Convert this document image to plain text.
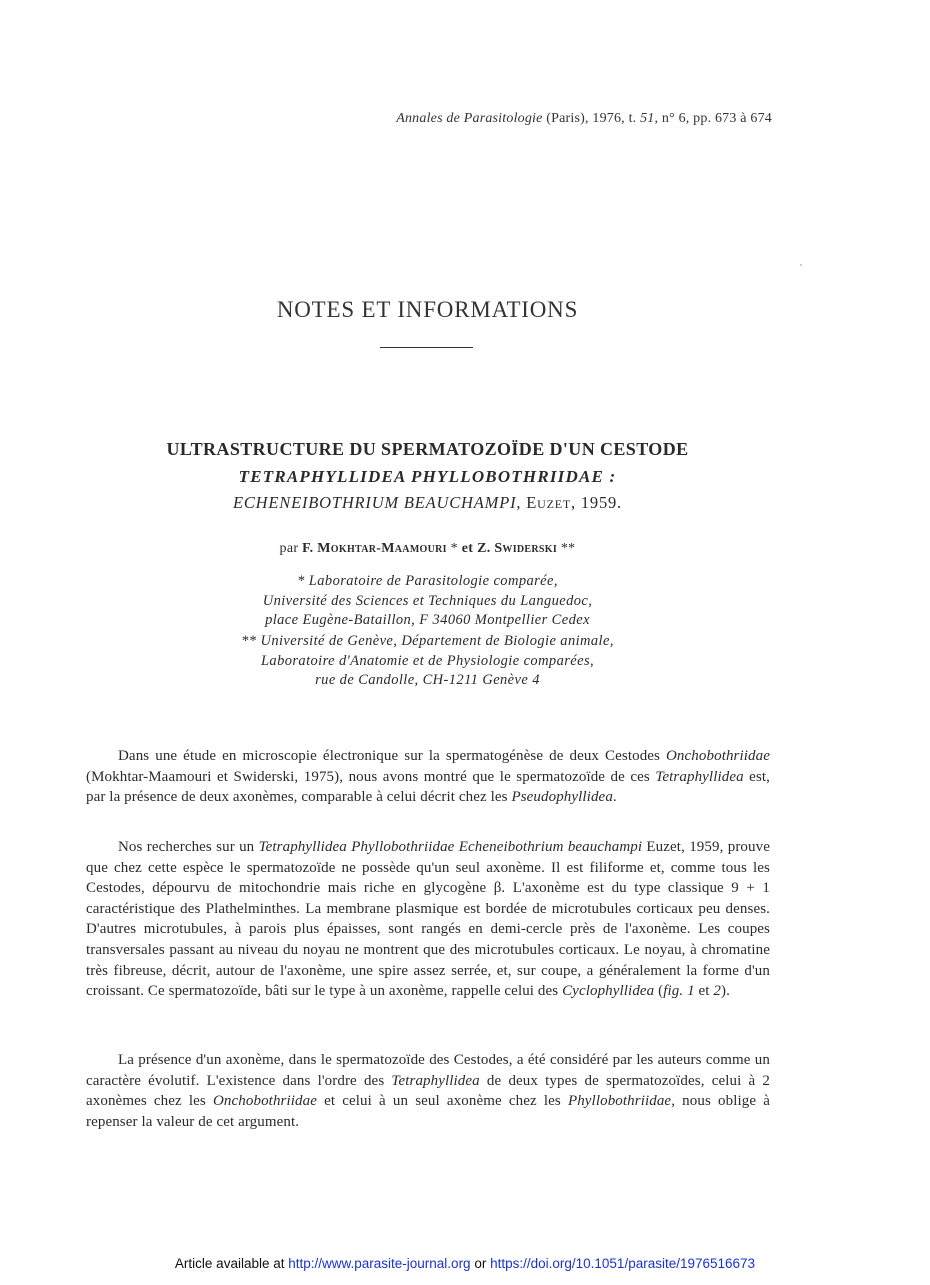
Annales de Parasitologie (Paris), 1976, t. 51, n° 6, pp. 673 à 674
NOTES ET INFORMATIONS
ULTRASTRUCTURE DU SPERMATOZOÏDE D'UN CESTODE
TETRAPHYLLIDEA PHYLLOBOTHRIIDAE :
ECHENEIBOTHRIUM BEAUCHAMPI, Euzet, 1959.
par F. Mokhtar-Maamouri * et Z. Swiderski **
* Laboratoire de Parasitologie comparée,
Université des Sciences et Techniques du Languedoc,
place Eugène-Bataillon, F 34060 Montpellier Cedex
** Université de Genève, Département de Biologie animale,
Laboratoire d'Anatomie et de Physiologie comparées,
rue de Candolle, CH-1211 Genève 4

Dans une étude en microscopie électronique sur la spermatogénèse de deux Cestodes Onchobothriidae (Mokhtar-Maamouri et Swiderski, 1975), nous avons montré que le spermatozoïde de ces Tetraphyllidea est, par la présence de deux axonèmes, comparable à celui décrit chez les Pseudophyllidea.

Nos recherches sur un Tetraphyllidea Phyllobothriidae Echeneibothrium beauchampi Euzet, 1959, prouve que chez cette espèce le spermatozoïde ne possède qu'un seul axonème. Il est filiforme et, comme tous les Cestodes, dépourvu de mitochondrie mais riche en glycogène β. L'axonème est du type classique 9 + 1 caractéristique des Plathelminthes. La membrane plasmique est bordée de microtubules corticaux peu denses. D'autres microtubules, à parois plus épaisses, sont rangés en demi-cercle près de l'axonème. Les coupes transversales passant au niveau du noyau ne montrent que des microtubules corticaux. Le noyau, à chromatine très fibreuse, décrit, autour de l'axonème, une spire assez serrée, et, sur coupe, a généralement la forme d'un croissant. Ce spermatozoïde, bâti sur le type à un axonème, rappelle celui des Cyclophyllidea (fig. 1 et 2).

La présence d'un axonème, dans le spermatozoïde des Cestodes, a été considéré par les auteurs comme un caractère évolutif. L'existence dans l'ordre des Tetraphyllidea de deux types de spermatozoïdes, celui à 2 axonèmes chez les Onchobothriidae et celui à un seul axonème chez les Phyllobothriidae, nous oblige à repenser la valeur de cet argument.

Article available at http://www.parasite-journal.org or https://doi.org/10.1051/parasite/1976516673
